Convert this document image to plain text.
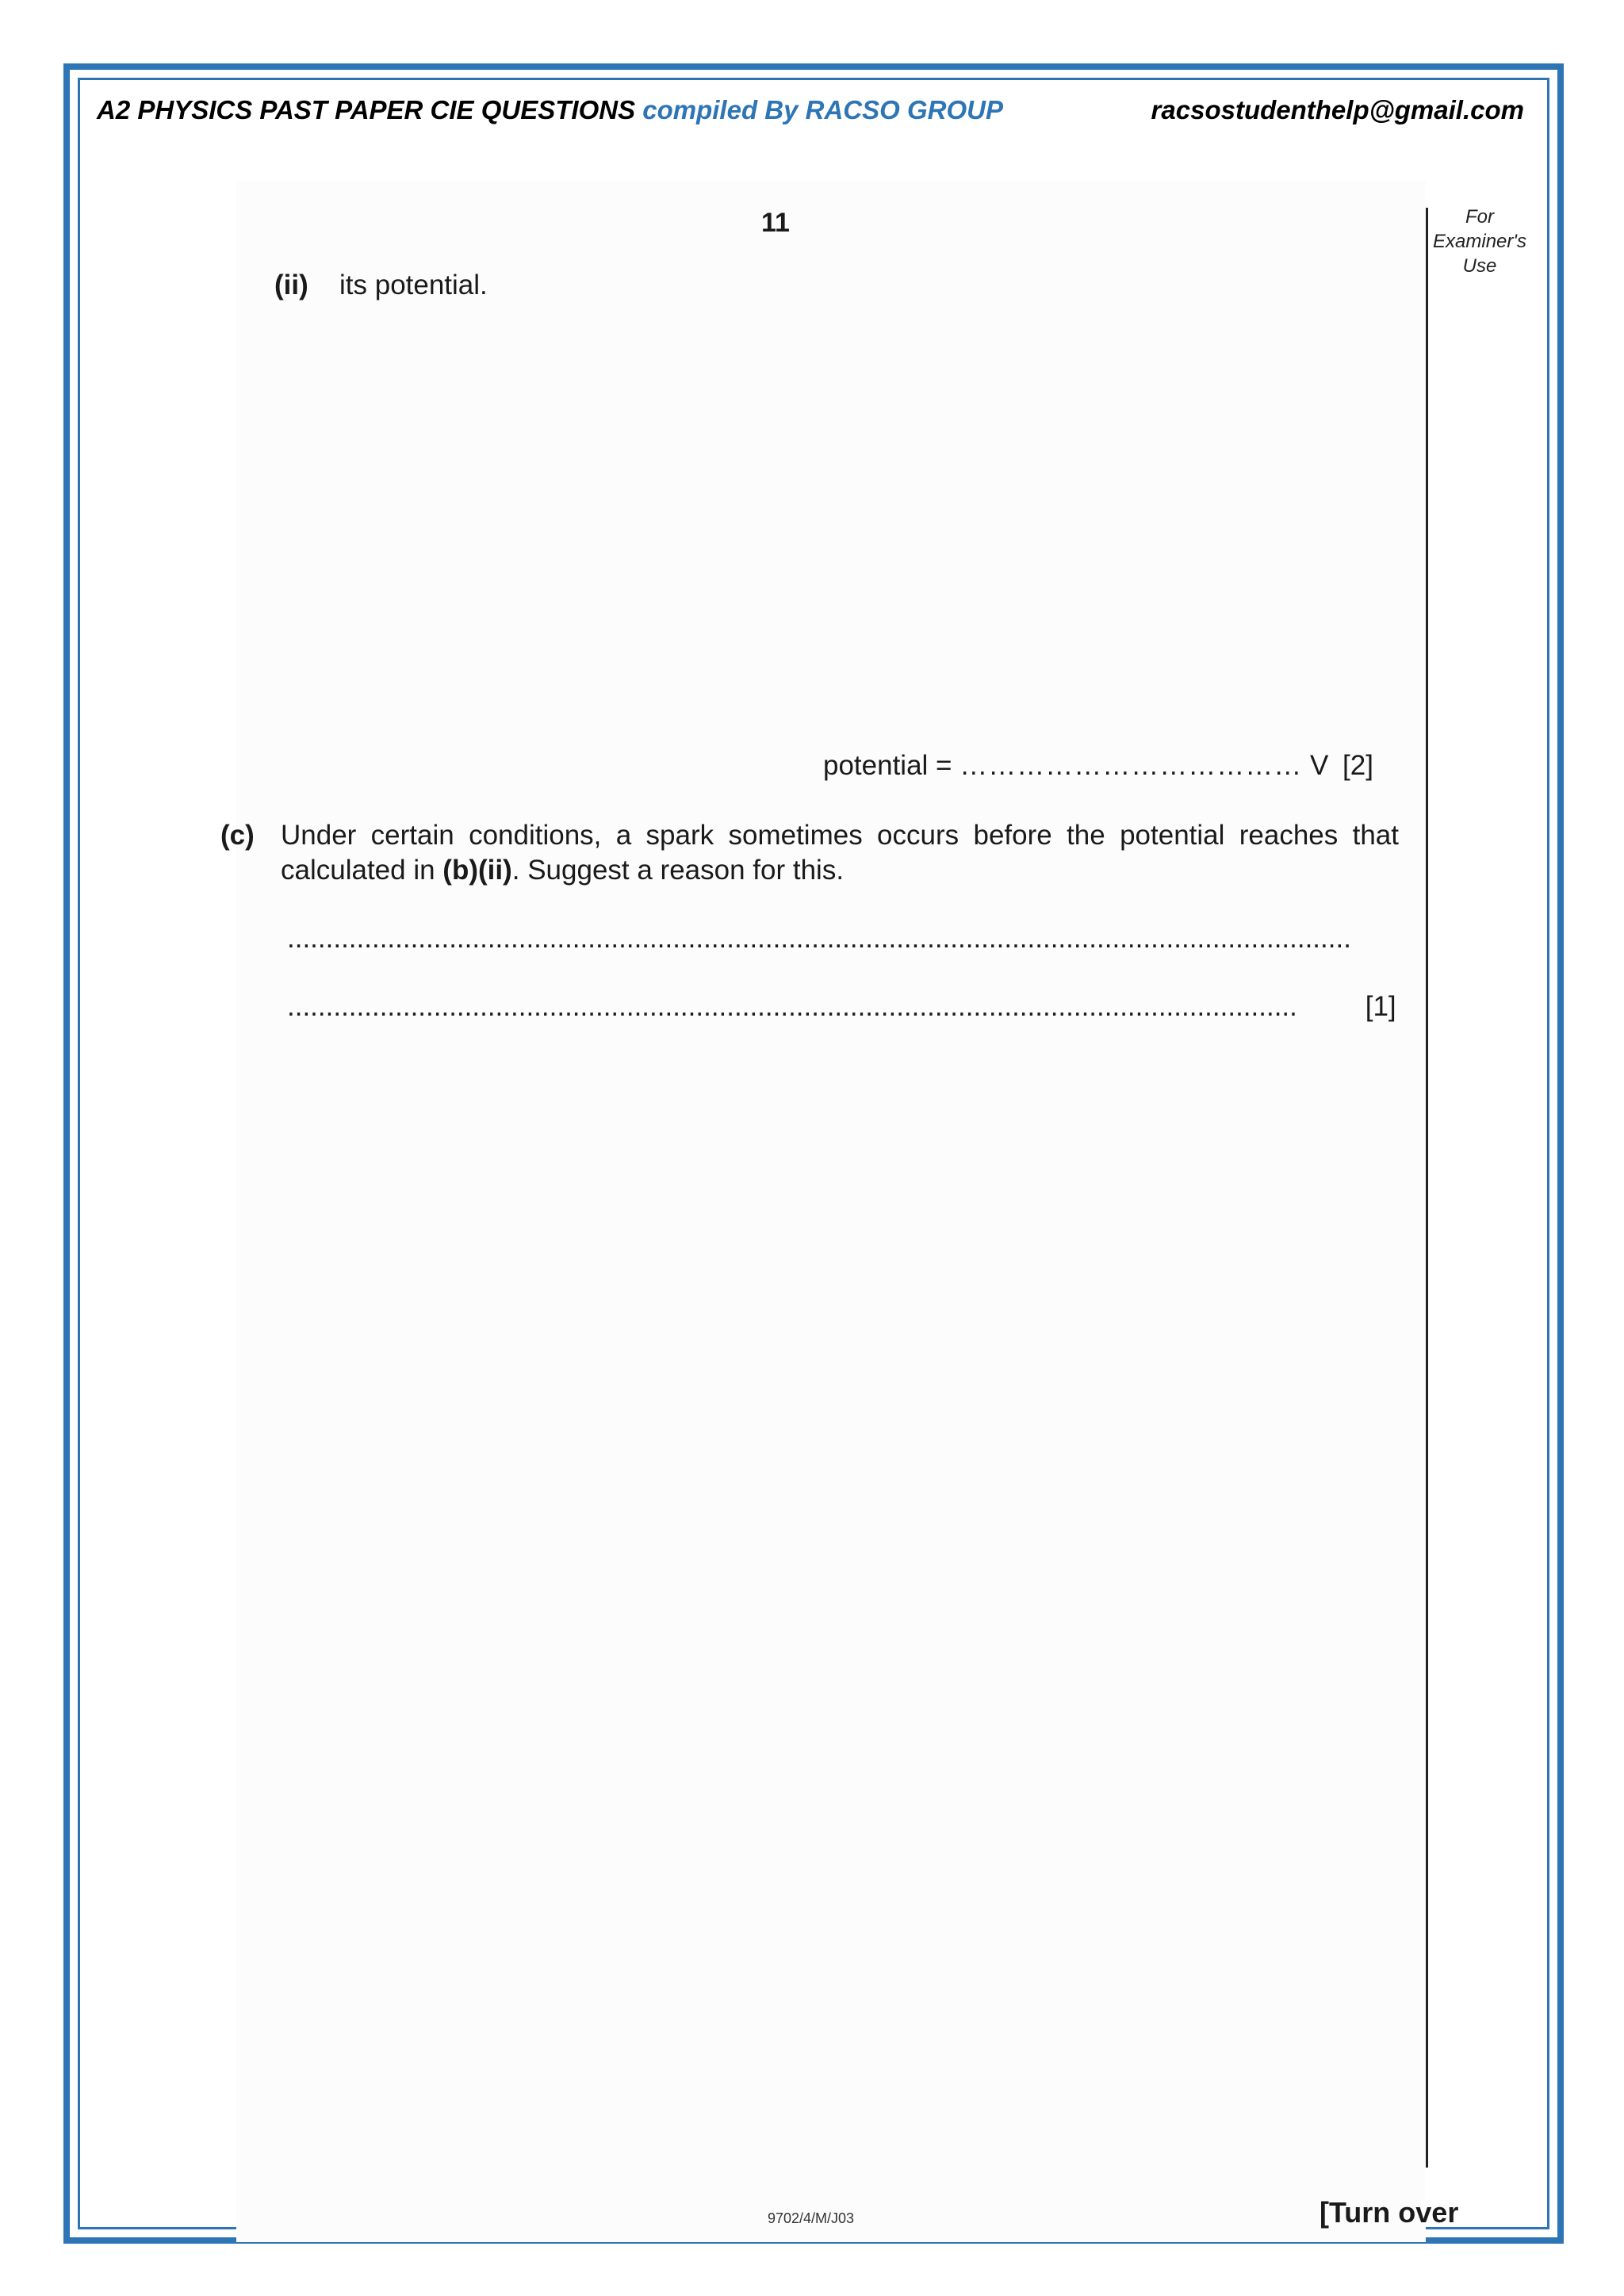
A2 PHYSICS PAST PAPER CIE QUESTIONS compiled By RACSO GROUP	racsostudenthelp@gmail.com
11	For
Examiner's
Use
(ii) its potential.
potential = ……………………………… V [2]
(c) Under certain conditions, a spark sometimes occurs before the potential reaches that
calculated in (b)(ii). Suggest a reason for this.
..........................................................................................................................................
................................................................................................................................... [1]
9702/4/M/J03	[Turn over
